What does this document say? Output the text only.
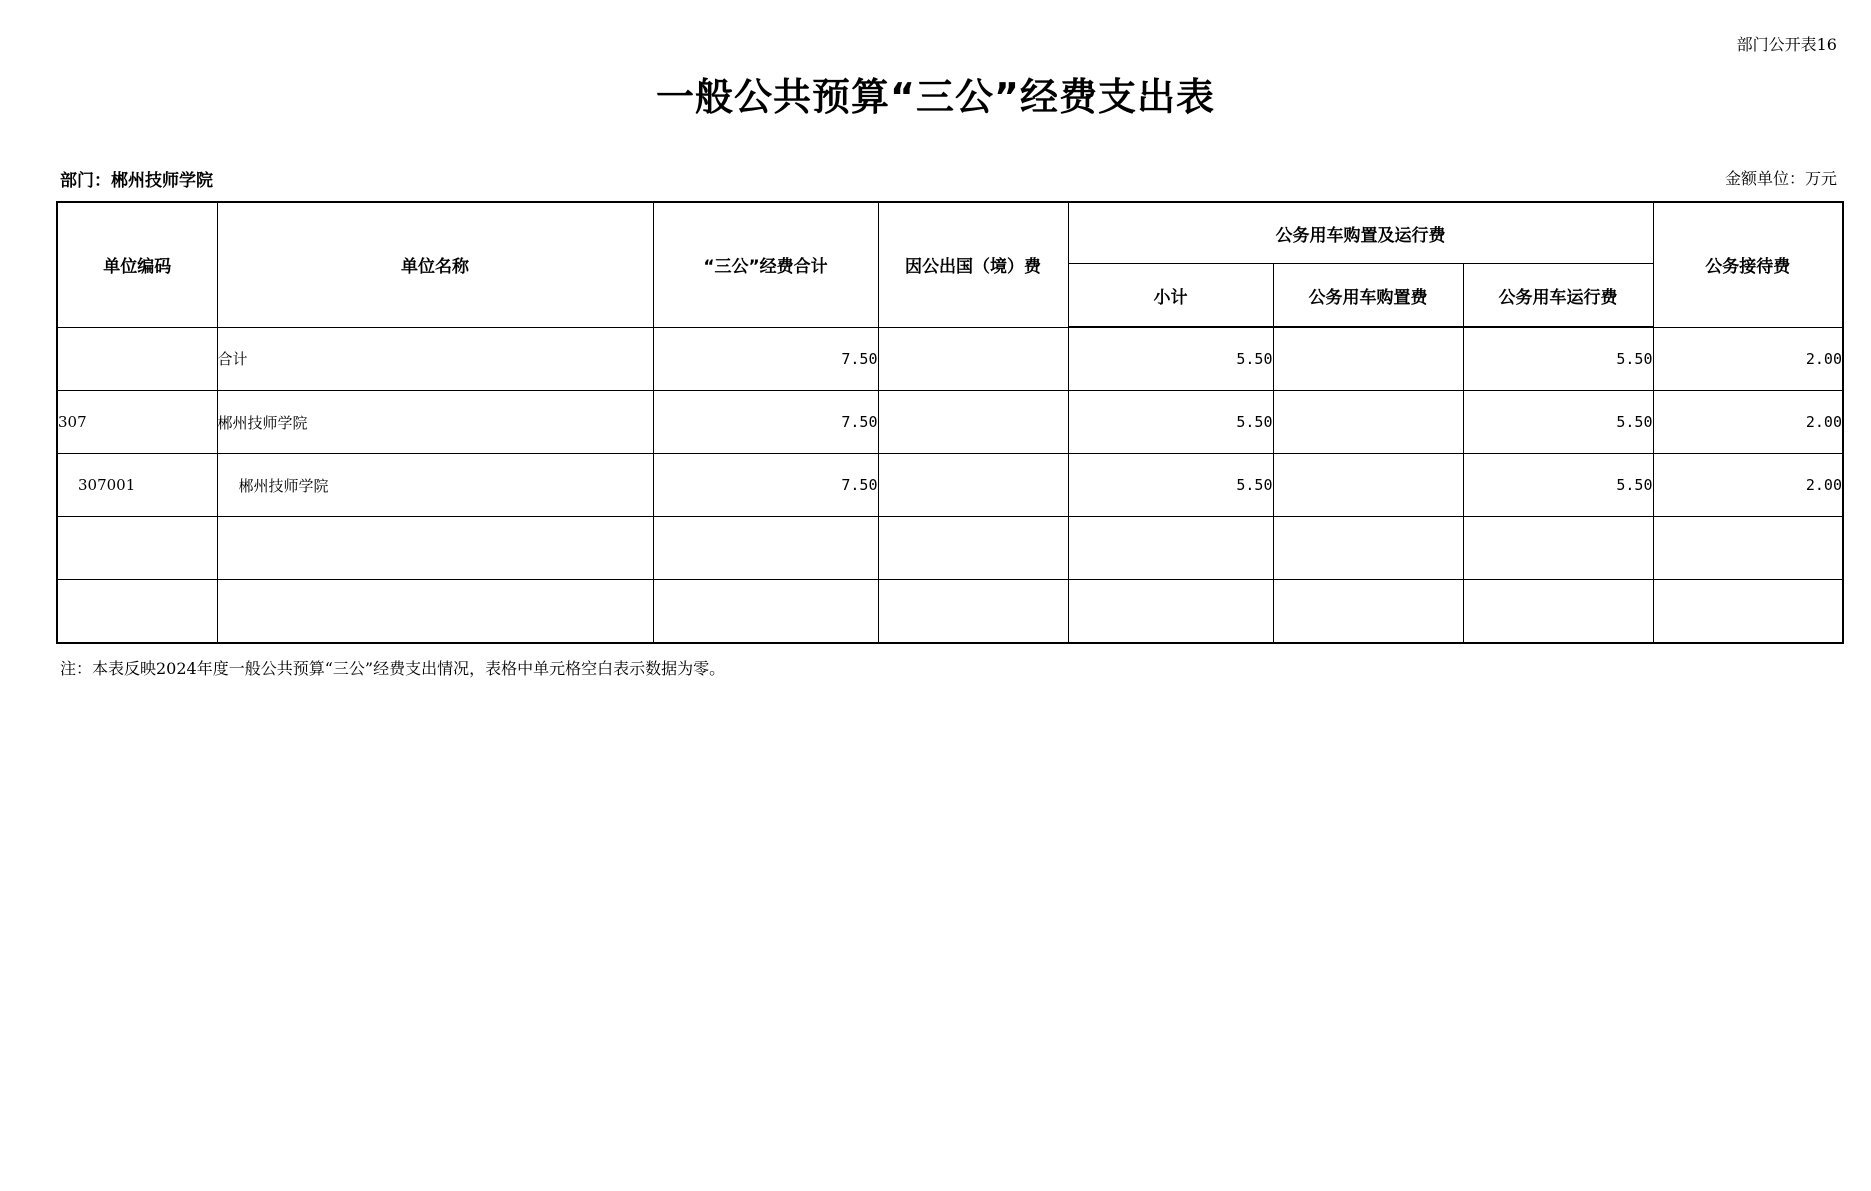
部门公开表16
一般公共预算“三公”经费支出表
部门：郴州技师学院	金额单位：万元
单位编码	单位名称	“三公”经费合计	因公出国（境）费	公务用车购置及运行费			公务接待费
				小计	公务用车购置费	公务用车运行费	
	合计	7.50		5.50		5.50	2.00
307	郴州技师学院	7.50		5.50		5.50	2.00
307001	郴州技师学院	7.50		5.50		5.50	2.00

注：本表反映2024年度一般公共预算“三公”经费支出情况，表格中单元格空白表示数据为零。
